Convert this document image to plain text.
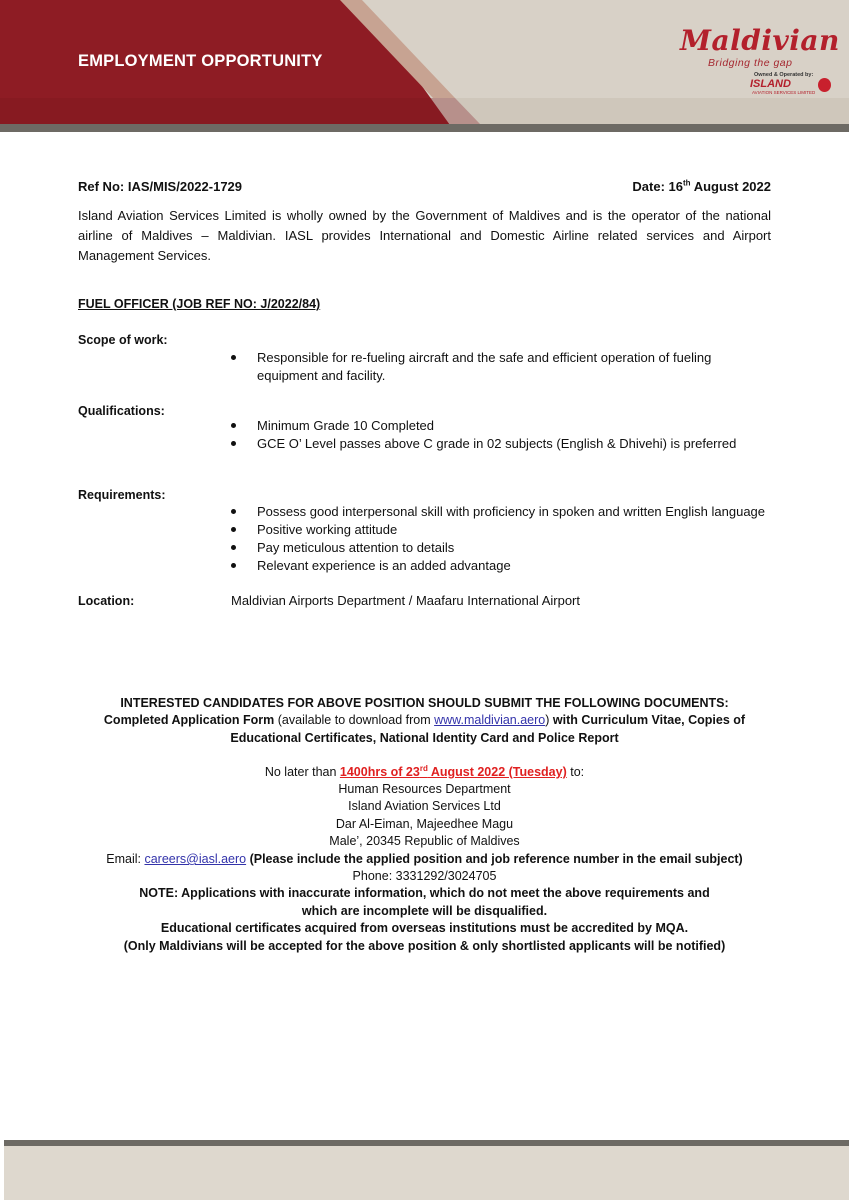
EMPLOYMENT OPPORTUNITY
Maldivian
Bridging the gap
Owned & Operated by:
ISLAND
AVIATION SERVICES LIMITED
Ref No: IAS/MIS/2022-1729	Date: 16th August 2022
Island Aviation Services Limited is wholly owned by the Government of Maldives and is the operator of the national airline of Maldives – Maldivian. IASL provides International and Domestic Airline related services and Airport Management Services.
FUEL OFFICER (JOB REF NO: J/2022/84)
Scope of work:
Responsible for re-fueling aircraft and the safe and efficient operation of fueling equipment and facility.
Qualifications:
Minimum Grade 10 Completed
GCE O’ Level passes above C grade in 02 subjects (English & Dhivehi) is preferred
Requirements:
Possess good interpersonal skill with proficiency in spoken and written English language
Positive working attitude
Pay meticulous attention to details
Relevant experience is an added advantage
Location:	Maldivian Airports Department / Maafaru International Airport
INTERESTED CANDIDATES FOR ABOVE POSITION SHOULD SUBMIT THE FOLLOWING DOCUMENTS:
Completed Application Form (available to download from www.maldivian.aero) with Curriculum Vitae, Copies of
Educational Certificates, National Identity Card and Police Report
No later than 1400hrs of 23rd August 2022 (Tuesday) to:
Human Resources Department
Island Aviation Services Ltd
Dar Al-Eiman, Majeedhee Magu
Male’, 20345 Republic of Maldives
Email: careers@iasl.aero (Please include the applied position and job reference number in the email subject)
Phone: 3331292/3024705
NOTE: Applications with inaccurate information, which do not meet the above requirements and
which are incomplete will be disqualified.
Educational certificates acquired from overseas institutions must be accredited by MQA.
(Only Maldivians will be accepted for the above position & only shortlisted applicants will be notified)
